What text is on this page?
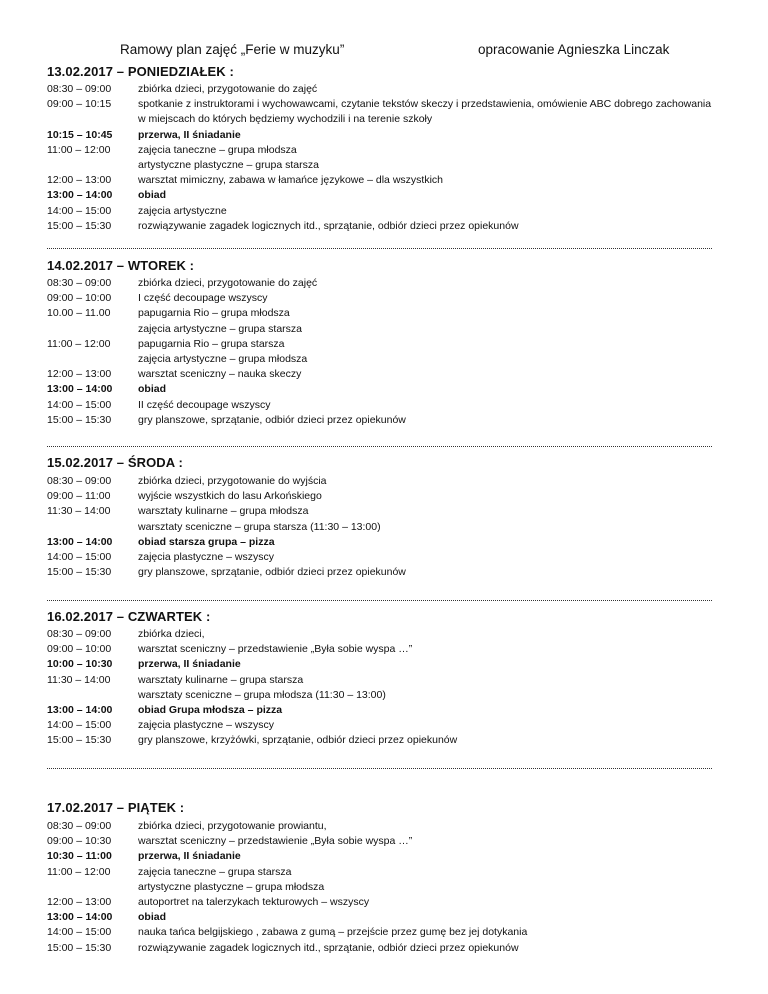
Ramowy plan zajęć „Ferie w muzyku”	opracowanie Agnieszka Linczak
13.02.2017 – PONIEDZIAŁEK :
08:30 – 09:00	zbiórka dzieci, przygotowanie do zajęć
09:00 – 10:15	spotkanie z instruktorami i wychowawcami, czytanie tekstów skeczy i przedstawienia, omówienie ABC dobrego zachowania
w miejscach do których będziemy wychodzili i na terenie szkoły
10:15 – 10:45	przerwa, II śniadanie
11:00 – 12:00	zajęcia taneczne – grupa młodsza
artystyczne plastyczne – grupa starsza
12:00 – 13:00	warsztat mimiczny, zabawa w łamańce językowe – dla wszystkich
13:00 – 14:00	obiad
14:00 – 15:00	zajęcia artystyczne
15:00 – 15:30	rozwiązywanie zagadek logicznych itd., sprzątanie, odbiór dzieci przez opiekunów
14.02.2017 – WTOREK :
08:30 – 09:00	zbiórka dzieci, przygotowanie do zajęć
09:00 – 10:00	I część decoupage wszyscy
10.00 – 11.00	papugarnia Rio – grupa młodsza
zajęcia artystyczne – grupa starsza
11:00 – 12:00	papugarnia Rio – grupa starsza
zajęcia artystyczne – grupa młodsza
12:00 – 13:00	warsztat sceniczny – nauka skeczy
13:00 – 14:00	obiad
14:00 – 15:00	II część decoupage wszyscy
15:00 – 15:30	gry planszowe, sprzątanie, odbiór dzieci przez opiekunów
15.02.2017 – ŚRODA :
08:30 – 09:00	zbiórka dzieci, przygotowanie do wyjścia
09:00 – 11:00	wyjście wszystkich do lasu Arkońskiego
11:30 – 14:00	warsztaty kulinarne – grupa młodsza
warsztaty sceniczne – grupa starsza (11:30 – 13:00)
13:00 – 14:00	obiad starsza grupa – pizza
14:00 – 15:00	zajęcia plastyczne – wszyscy
15:00 – 15:30	gry planszowe, sprzątanie, odbiór dzieci przez opiekunów
16.02.2017 – CZWARTEK :
08:30 – 09:00	zbiórka dzieci,
09:00 – 10:00	warsztat sceniczny – przedstawienie „Była sobie wyspa …”
10:00 – 10:30	przerwa, II śniadanie
11:30 – 14:00	warsztaty kulinarne – grupa starsza
warsztaty sceniczne – grupa młodsza (11:30 – 13:00)
13:00 – 14:00	obiad Grupa młodsza – pizza
14:00 – 15:00	zajęcia plastyczne – wszyscy
15:00 – 15:30	gry planszowe, krzyżówki, sprzątanie, odbiór dzieci przez opiekunów
17.02.2017 – PIĄTEK :
08:30 – 09:00	zbiórka dzieci, przygotowanie prowiantu,
09:00 – 10:30	warsztat sceniczny – przedstawienie „Była sobie wyspa …”
10:30 – 11:00	przerwa, II śniadanie
11:00 – 12:00	zajęcia taneczne – grupa starsza
artystyczne plastyczne – grupa młodsza
12:00 – 13:00	autoportret na talerzykach tekturowych – wszyscy
13:00 – 14:00	obiad
14:00 – 15:00	nauka tańca belgijskiego , zabawa z gumą – przejście przez gumę bez jej dotykania
15:00 – 15:30	rozwiązywanie zagadek logicznych itd., sprzątanie, odbiór dzieci przez opiekunów
